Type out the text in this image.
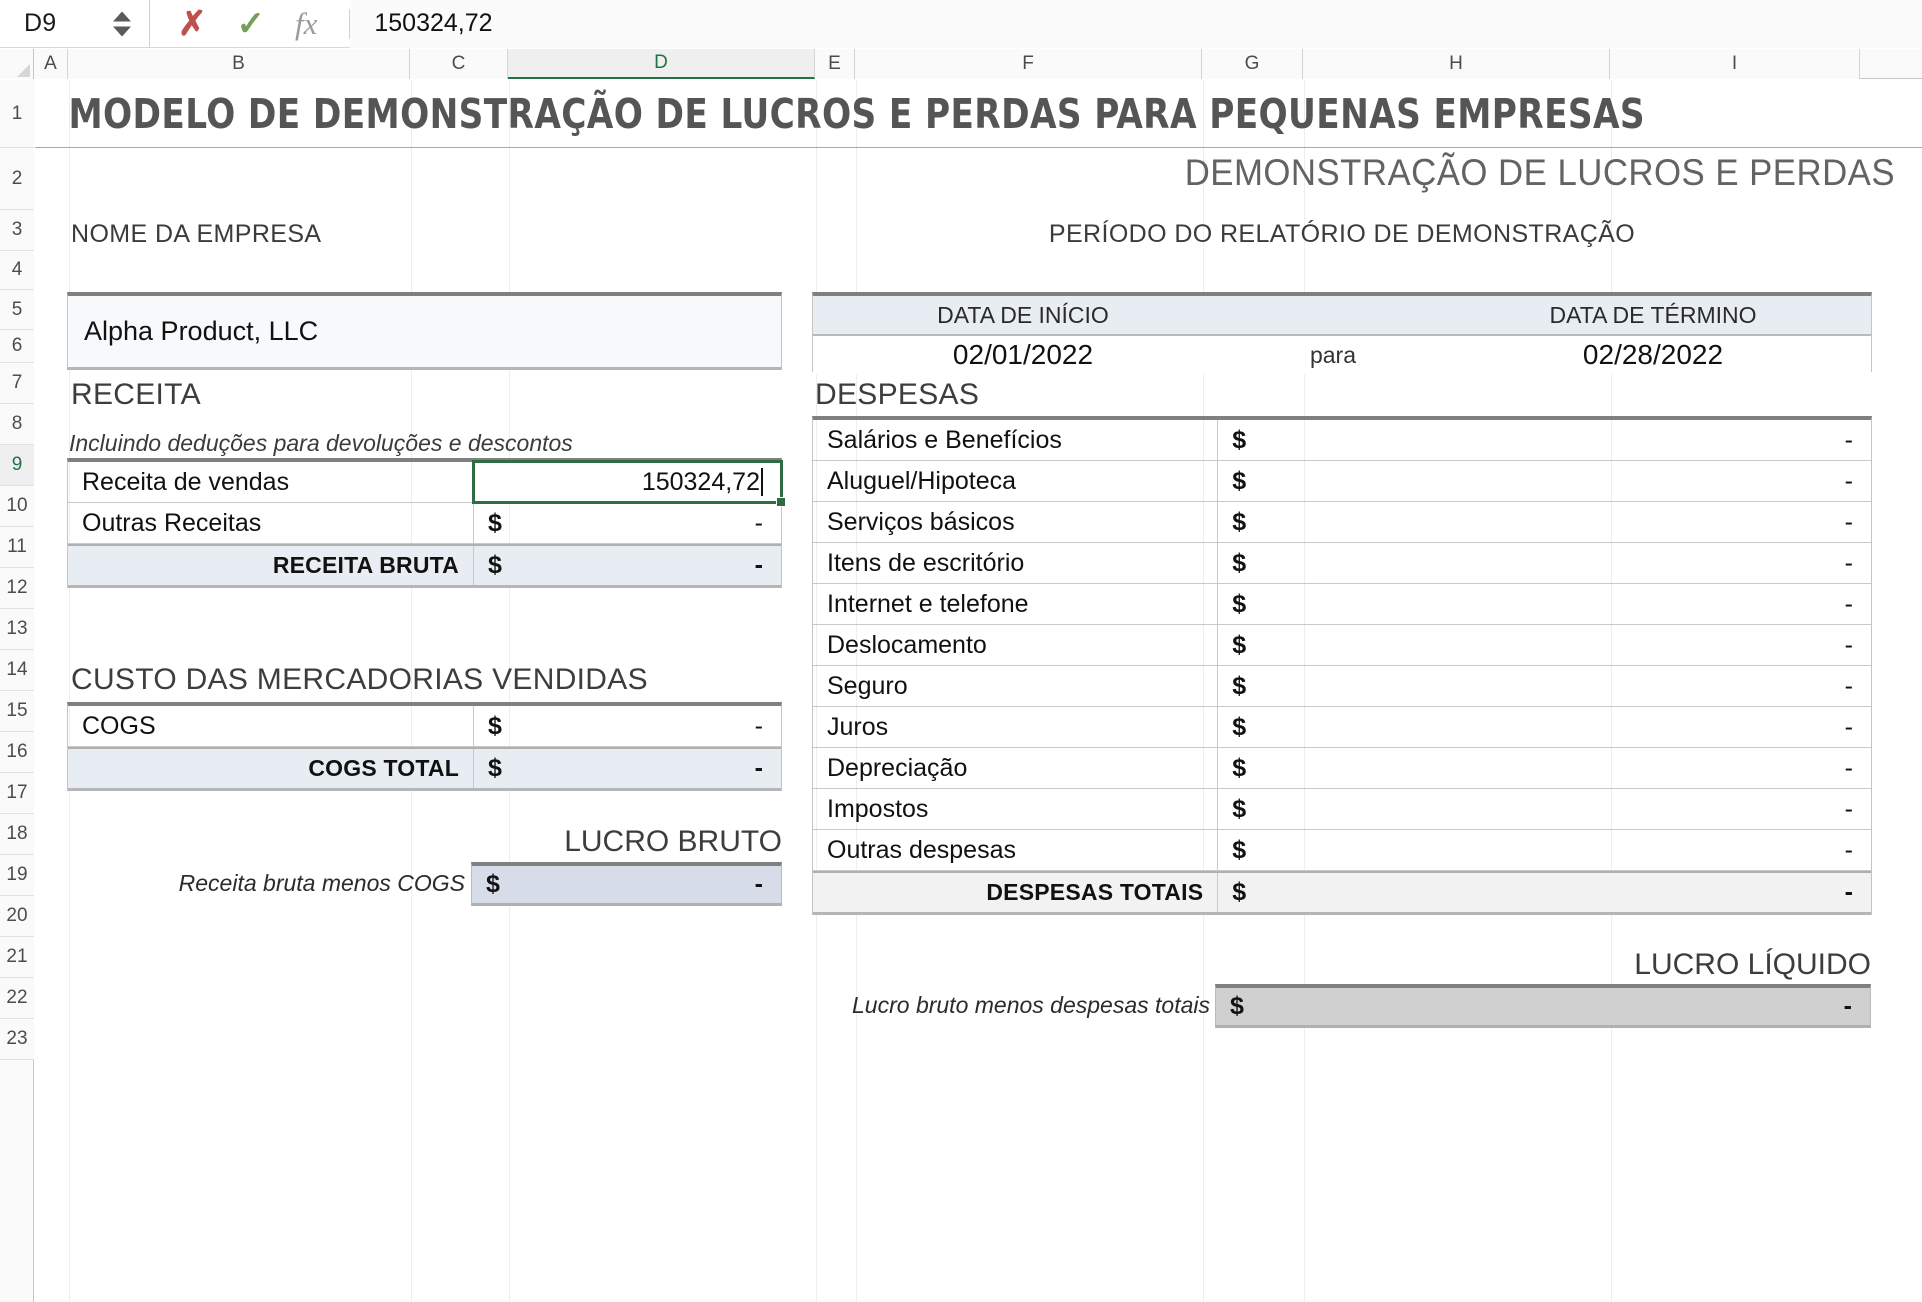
D9	✗ ✓ fx	150324,72
A	B	C	D	E	F	G	H	I
1
2
3
4
5
6
7
8
9
10
11
12
13
14
15
16
17
18
19
20
21
22
23
MODELO DE DEMONSTRAÇÃO DE LUCROS E PERDAS PARA PEQUENAS EMPRESAS
DEMONSTRAÇÃO DE LUCROS E PERDAS
NOME DA EMPRESA	PERÍODO DO RELATÓRIO DE DEMONSTRAÇÃO
Alpha Product, LLC
DATA DE INÍCIO	DATA DE TÉRMINO
02/01/2022	para	02/28/2022
RECEITA
Incluindo deduções para devoluções e descontos
Receita de vendas	150324,72
Outras Receitas	$	-
RECEITA BRUTA	$	-
CUSTO DAS MERCADORIAS VENDIDAS
COGS	$	-
COGS TOTAL	$	-
LUCRO BRUTO
Receita bruta menos COGS $	-
DESPESAS
Salários e Benefícios	$	-
Aluguel/Hipoteca	$	-
Serviços básicos	$	-
Itens de escritório	$	-
Internet e telefone	$	-
Deslocamento	$	-
Seguro	$	-
Juros	$	-
Depreciação	$	-
Impostos	$	-
Outras despesas	$	-
DESPESAS TOTAIS	$	-
LUCRO LÍQUIDO
Lucro bruto menos despesas totais $	-
